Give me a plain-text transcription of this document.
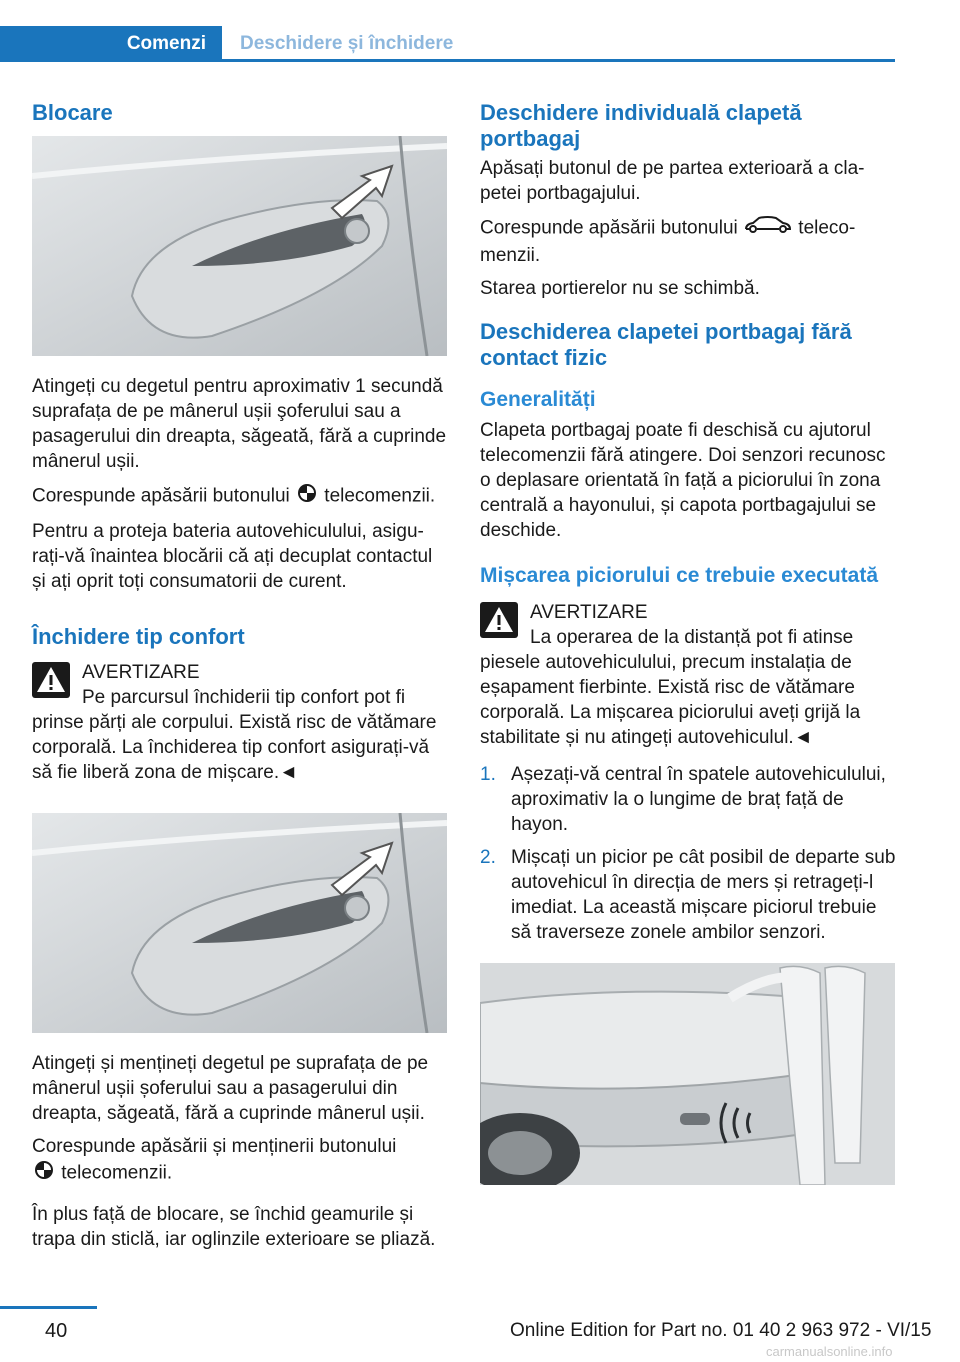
Comenzi	Deschidere și închidere
Blocare

Atingeți cu degetul pentru aproximativ 1 secundă suprafața de pe mânerul ușii şoferului sau a pasagerului din dreapta, săgeată, fără a cuprinde mânerul ușii.

Corespunde apăsării butonului telecomenzii.

Pentru a proteja bateria autovehiculului, asigurați-vă înaintea blocării că ați decuplat contactul și ați oprit toți consumatorii de curent.

Închidere tip confort

AVERTIZARE

Pe parcursul închiderii tip confort pot fi prinse părți ale corpului. Există risc de vătămare corporală. La închiderea tip confort asigurați-vă să fie liberă zona de mișcare.◄

Atingeți și mențineți degetul pe suprafața de pe mânerul ușii șoferului sau a pasagerului din dreapta, săgeată, fără a cuprinde mânerul ușii.

Corespunde apăsării și menținerii butonului
telecomenzii.

În plus față de blocare, se închid geamurile și trapa din sticlă, iar oglinzile exterioare se pliază.

Deschidere individuală clapetă portbagaj

Apăsați butonul de pe partea exterioară a clapetei portbagajului.

Corespunde apăsării butonului	telecomenzii.

Starea portierelor nu se schimbă.

Deschiderea clapetei portbagaj fără contact fizic
Generalități

Clapeta portbagaj poate fi deschisă cu ajutorul telecomenzii fără atingere. Doi senzori recunosc o deplasare orientată în față a piciorului în zona centrală a hayonului, și capota portbagajului se deschide.

Mișcarea piciorului ce trebuie executată

AVERTIZARE

La operarea de la distanță pot fi atinse piesele autovehiculului, precum instalația de eșapament fierbinte. Există risc de vătămare corporală. La mișcarea piciorului aveți grijă la stabilitate și nu atingeți autovehiculul.◄

1. Așezați-vă central în spatele autovehiculului, aproximativ la o lungime de braț față de hayon.
2. Mișcați un picior pe cât posibil de departe sub autovehicul în direcția de mers și retrageți-l imediat. La această mișcare piciorul trebuie să traverseze zonele ambilor senzori.
40	Online Edition for Part no. 01 40 2 963 972 - VI/15
carmanualsonline.info
